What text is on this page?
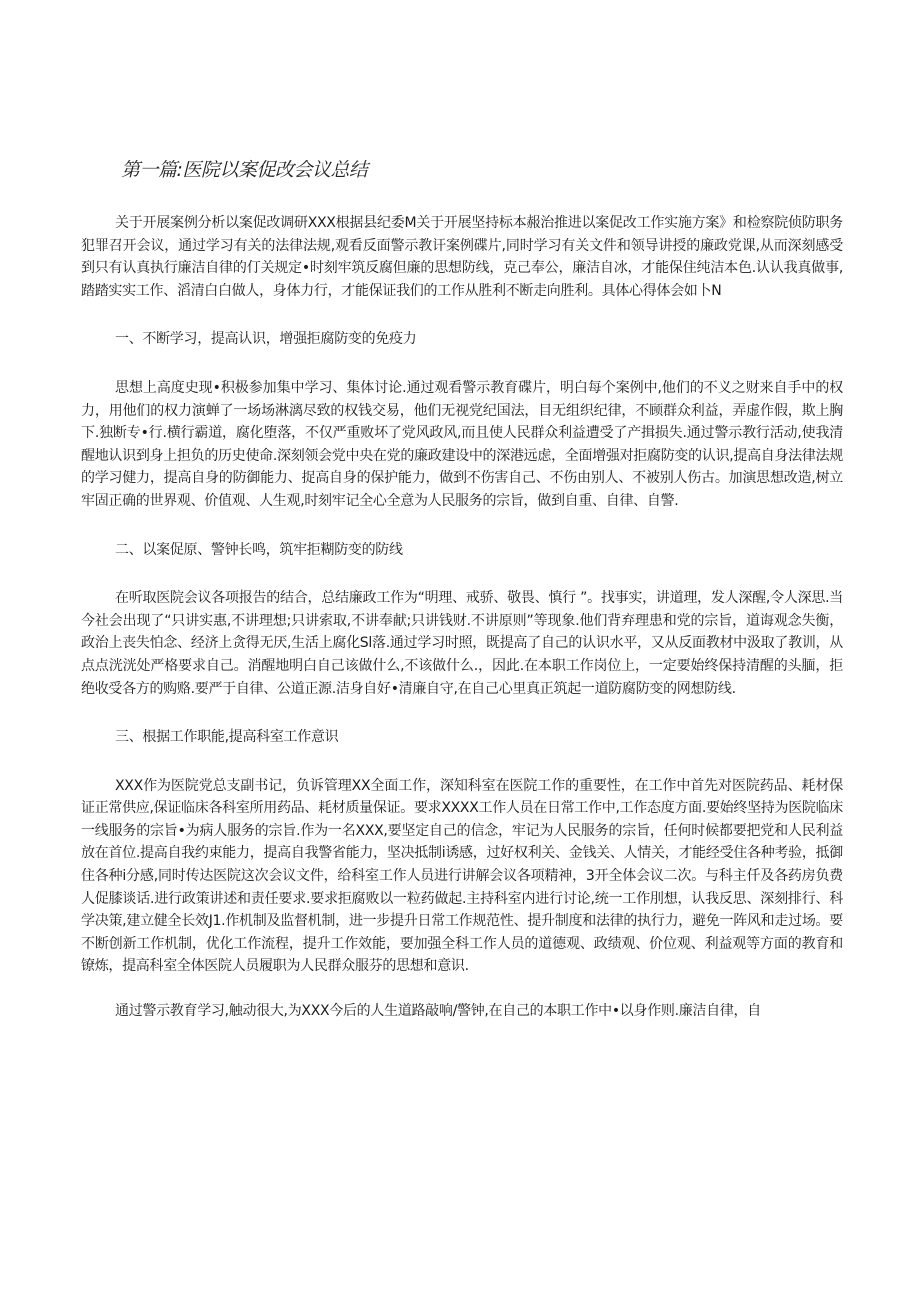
第一篇:医院以案促改会议总结

关于开展案例分析以案促改调研XXX根据县纪委M关于开展坚持标本赧治推进以案促改工作实施方案》和检察院侦防职务犯罪召开会议，通过学习有关的法律法规,观看反面警示教讦案例碟片,同时学习有关文件和领导讲授的廉政党课,从而深刻感受到只有认真执行廉洁自律的仃关规定•时刻牢筑反腐但廉的思想防线，克己奉公，廉洁自冰，才能保住纯洁本色.认认我真做事,踏踏实实工作、滔清白白做人，身体力行，才能保证我们的工作从胜利不断走向胜利。具体心得体会如卜N

一、不断学习，提高认识，增强拒腐防变的免疫力

思想上高度史现•积极参加集中学习、集体讨论.通过观看警示教育碟片，明白每个案例中,他们的不义之财来自手中的权力，用他们的权力演蝉了一场场淋漓尽致的权钱交易，他们无视党纪国法，目无组织纪律，不顾群众利益，弄虚作假，欺上胸下.独断专•行.横行霸道，腐化堕落，不仅严重败坏了党风政风,而且使人民群众利益遭受了产揖损失.通过警示教行活动,使我清醒地认识到身上担负的历史使命.深刻领会党中央在党的廉政建设中的深港远虑，全面增强对拒腐防变的认识,提高自身法律法规的学习健力，提高自身的防御能力、捉高自身的保护能力，做到不伤害自己、不伤由别人、不被别人伤古。加演思想改造,树立牢固正确的世界观、价值观、人生观,时刻牢记全心全意为人民服务的宗旨，做到自重、自律、自警.

二、以案促原、警钟长鸣，筑牢拒糊防变的防线

在听取医院会议各项报告的结合，总结廉政工作为“明理、戒骄、敬畏、慎行 ”。找事实，讲道理，发人深醒,令人深思.当今社会出现了“只讲实惠,不讲理想;只讲索取,不讲奉献;只讲钱财.不讲原则”等现象.他们背弃理患和党的宗旨，道诲观念失衡，政治上丧失怕念、经济上贪得无厌,生活上腐化Sl落.通过学习时照，既提高了自己的认识水平，又从反面教材中汲取了教训，从点点洸洸处严格要求自己。消醒地明白自己该做什么,不该做什么.，因此.在本职工作岗位上，一定要始终保持清醒的头腼，拒绝收受各方的购赂.要严于自律、公道正源.洁身自好•清廉自守,在自己心里真正筑起一道防腐防变的网想防线.

三、根据工作职能,提高科室工作意识

XXX作为医院党总支副书记，负诉管理XX全面工作，深知科室在医院工作的重要性，在工作中首先对医院药品、耗材保证正常供应,保证临床各科室所用药品、耗材质量保证。要求XXXX工作人员在日常工作中,工作态度方面.要始终坚持为医院临床一线服务的宗旨•为病人服务的宗旨.作为一名XXX,要坚定自己的信念，牢记为人民服务的宗旨，任何时候都要把党和人民利益放在首位.提高自我约束能力，提高自我警省能力，坚决抵制i诱感，过好权利关、金钱关、人情关，才能经受住各种考验，抵御住各种i分感,同时传达医院这次会议文件，给科室工作人员进行讲解会议各项精神，3开全体会议二次。与科主仟及各药房负费人促膝谈话.进行政策讲述和责任要求.要求拒腐败以一粒药做起.主持科室内进行讨论,统一工作刖想，认我反思、深刻排行、科学决策,建立健全长效J1.作机制及监督机制，进一步提升日常工作规范性、提升制度和法律的执行力，避免一阵风和走过场。要不断创新工作机制，优化工作流程，提升工作效能，要加强全科工作人员的道德观、政绩观、价位观、利益观等方面的教育和镣炼，提高科室全体医院人员履职为人民群众服芬的思想和意识.

通过警示教育学习,触动很大,为XXX今后的人生道路敲响/警钟,在自己的本职工作中•以身作则.廉洁自律，自
